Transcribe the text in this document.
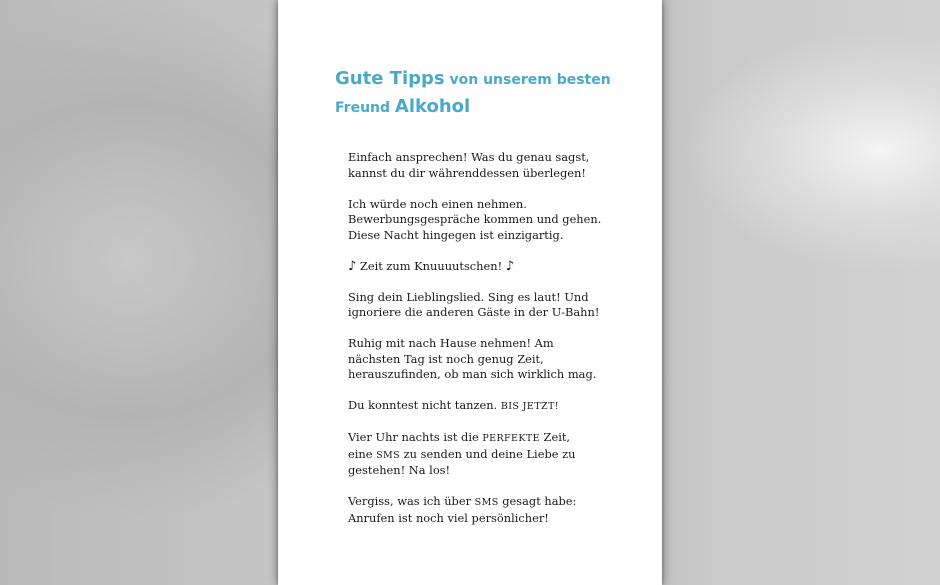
Gute Tipps von unserem besten
Freund Alkohol
Einfach ansprechen! Was du genau sagst,
kannst du dir währenddessen überlegen!
Ich würde noch einen nehmen.
Bewerbungsgespräche kommen und gehen.
Diese Nacht hingegen ist einzigartig.
♪ Zeit zum Knuuuutschen! ♪
Sing dein Lieblingslied. Sing es laut! Und
ignoriere die anderen Gäste in der U-Bahn!
Ruhig mit nach Hause nehmen! Am
nächsten Tag ist noch genug Zeit,
herauszufinden, ob man sich wirklich mag.
Du konntest nicht tanzen. BIS JETZT!
Vier Uhr nachts ist die PERFEKTE Zeit,
eine SMS zu senden und deine Liebe zu
gestehen! Na los!
Vergiss, was ich über SMS gesagt habe:
Anrufen ist noch viel persönlicher!
